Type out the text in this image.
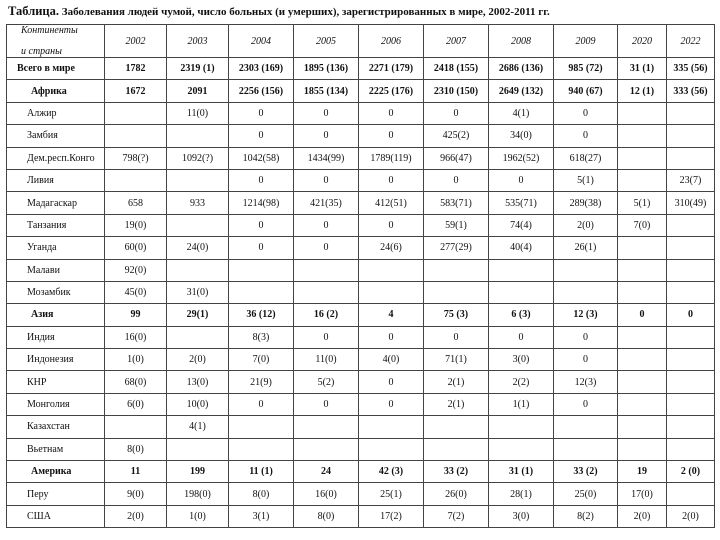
Таблица. Заболевания людей чумой, число больных (и умерших), зарегистрированных в мире, 2002-2011 гг.
Континенты
и страны	2002	2003	2004	2005	2006	2007	2008	2009	2020	2022
Всего в мире	1782	2319 (1)	2303 (169)	1895 (136)	2271 (179)	2418 (155)	2686 (136)	985 (72)	31 (1)	335 (56)
Африка	1672	2091	2256 (156)	1855 (134)	2225 (176)	2310 (150)	2649 (132)	940 (67)	12 (1)	333 (56)
Алжир		11(0)	0	0	0	0	4(1)	0		
Замбия			0	0	0	425(2)	34(0)	0		
Дем.респ.Конго	798(?)	1092(?)	1042(58)	1434(99)	1789(119)	966(47)	1962(52)	618(27)		
Ливия			0	0	0	0	0	5(1)		23(7)
Мадагаскар	658	933	1214(98)	421(35)	412(51)	583(71)	535(71)	289(38)	5(1)	310(49)
Танзания	19(0)		0	0	0	59(1)	74(4)	2(0)	7(0)	
Уганда	60(0)	24(0)	0	0	24(6)	277(29)	40(4)	26(1)		
Малави	92(0)									
Мозамбик	45(0)	31(0)								
Азия	99	29(1)	36 (12)	16 (2)	4	75 (3)	6 (3)	12 (3)	0	0
Индия	16(0)		8(3)	0	0	0	0	0		
Индонезия	1(0)	2(0)	7(0)	11(0)	4(0)	71(1)	3(0)	0		
КНР	68(0)	13(0)	21(9)	5(2)	0	2(1)	2(2)	12(3)		
Монголия	6(0)	10(0)	0	0	0	2(1)	1(1)	0		
Казахстан		4(1)								
Вьетнам	8(0)									
Америка	11	199	11 (1)	24	42 (3)	33 (2)	31 (1)	33 (2)	19	2 (0)
Перу	9(0)	198(0)	8(0)	16(0)	25(1)	26(0)	28(1)	25(0)	17(0)	
США	2(0)	1(0)	3(1)	8(0)	17(2)	7(2)	3(0)	8(2)	2(0)	2(0)
